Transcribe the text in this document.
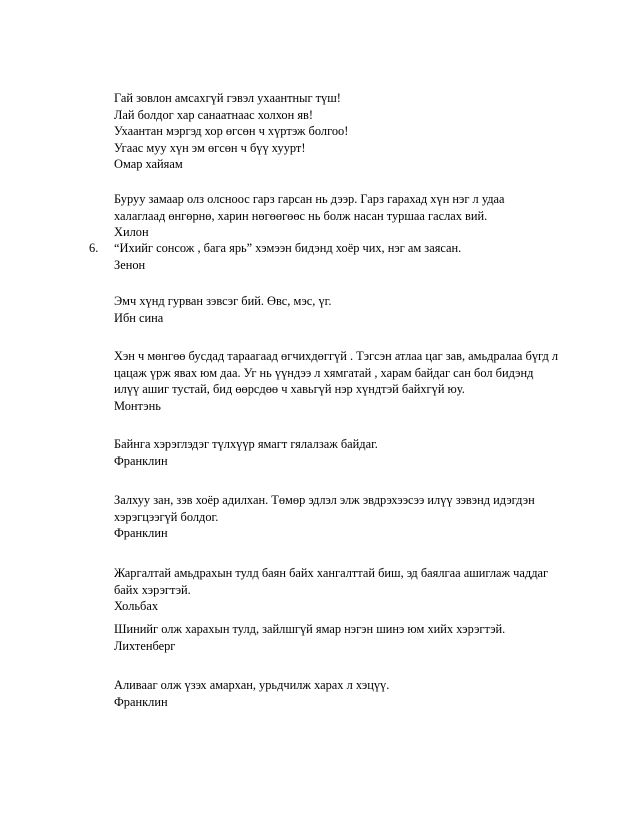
Гай зовлон амсахгүй гэвэл ухаантныг түш!
Лай болдог хар санаатнаас холхон яв!
Ухаантан мэргэд хор өгсөн ч хүртэж болгоо!
Угаас муу хүн эм өгсөн ч бүү хуурт!
Омар хайяам
Буруу замаар олз олсноос гарз гарсан нь дээр. Гарз гарахад хүн нэг л удаа
халаглаад өнгөрнө, харин нөгөөгөөс нь болж насан туршаа гаслах вий.
Хилон
6. “Ихийг сонсож , бага ярь” хэмээн бидэнд хоёр чих, нэг ам заясан.
Зенон
Эмч хүнд гурван зэвсэг бий. Өвс, мэс, үг.
Ибн сина
Хэн ч мөнгөө бусдад тараагаад өгчихдөггүй . Тэгсэн атлаа цаг зав, амьдралаа бүгд л
цацаж үрж явах юм даа. Уг нь үүндээ л хямгатай , харам байдаг сан бол бидэнд
илүү ашиг тустай, бид өөрсдөө ч хавьгүй нэр хүндтэй байхгүй юу.
Монтэнь
Байнга хэрэглэдэг түлхүүр ямагт гялалзаж байдаг.
Франклин
Залхуу зан, зэв хоёр адилхан. Төмөр эдлэл элж эвдрэхээсээ илүү зэвэнд идэгдэн
хэрэгцээгүй болдог.
Франклин
Жаргалтай амьдрахын тулд баян байх хангалттай биш, эд баялгаа ашиглаж чаддаг
байх хэрэгтэй.
Хольбах
Шинийг олж харахын тулд, зайлшгүй ямар нэгэн шинэ юм хийх хэрэгтэй.
Лихтенберг
Аливааг олж үзэх амархан, урьдчилж харах л хэцүү.
Франклин
